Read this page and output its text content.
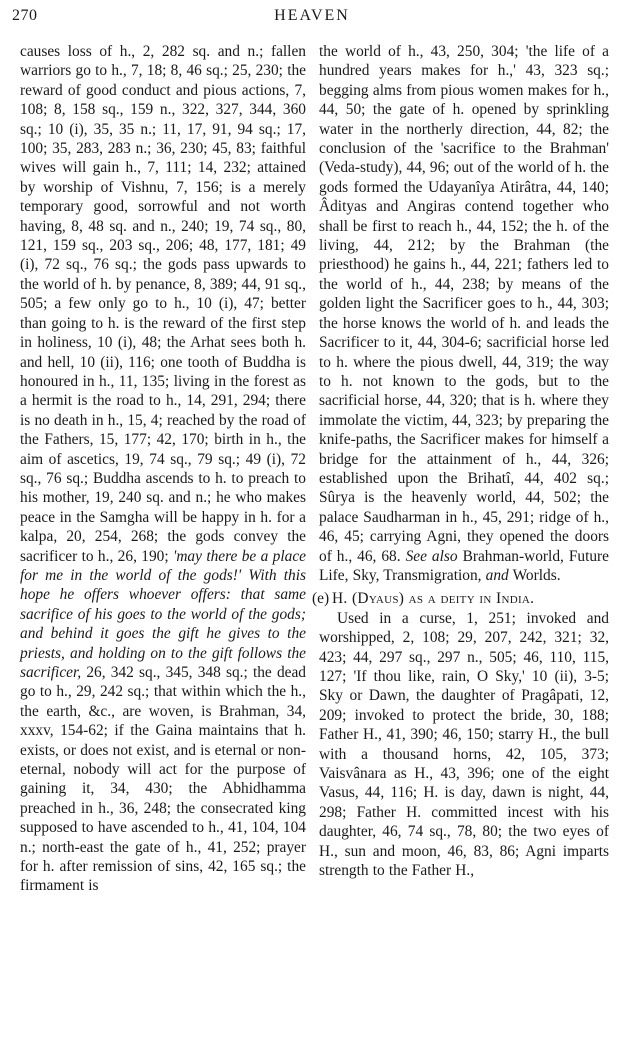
270	HEAVEN

causes loss of h., 2, 282 sq. and n.; fallen warriors go to h., 7, 18; 8, 46 sq.; 25, 230; the reward of good conduct and pious actions, 7, 108; 8, 158 sq., 159 n., 322, 327, 344, 360 sq.; 10 (i), 35, 35 n.; 11, 17, 91, 94 sq.; 17, 100; 35, 283, 283 n.; 36, 230; 45, 83; faithful wives will gain h., 7, 111; 14, 232; attained by worship of Vishnu, 7, 156; is a merely temporary good, sorrowful and not worth having, 8, 48 sq. and n., 240; 19, 74 sq., 80, 121, 159 sq., 203 sq., 206; 48, 177, 181; 49 (i), 72 sq., 76 sq.; the gods pass upwards to the world of h. by penance, 8, 389; 44, 91 sq., 505; a few only go to h., 10 (i), 47; better than going to h. is the reward of the first step in holiness, 10 (i), 48; the Arhat sees both h. and hell, 10 (ii), 116; one tooth of Buddha is honoured in h., 11, 135; living in the forest as a hermit is the road to h., 14, 291, 294; there is no death in h., 15, 4; reached by the road of the Fathers, 15, 177; 42, 170; birth in h., the aim of ascetics, 19, 74 sq., 79 sq.; 49 (i), 72 sq., 76 sq.; Buddha ascends to h. to preach to his mother, 19, 240 sq. and n.; he who makes peace in the Samgha will be happy in h. for a kalpa, 20, 254, 268; the gods convey the sacrificer to h., 26, 190; 'may there be a place for me in the world of the gods!' With this hope he offers whoever offers: that same sacrifice of his goes to the world of the gods; and behind it goes the gift he gives to the priests, and holding on to the gift follows the sacrificer, 26, 342 sq., 345, 348 sq.; the dead go to h., 29, 242 sq.; that within which the h., the earth, &c., are woven, is Brahman, 34, xxxv, 154-62; if the Gaina maintains that h. exists, or does not exist, and is eternal or non-eternal, nobody will act for the purpose of gaining it, 34, 430; the Abhidhamma preached in h., 36, 248; the consecrated king supposed to have ascended to h., 41, 104, 104 n.; north-east the gate of h., 41, 252; prayer for h. after remission of sins, 42, 165 sq.; the firmament is

the world of h., 43, 250, 304; 'the life of a hundred years makes for h.,' 43, 323 sq.; begging alms from pious women makes for h., 44, 50; the gate of h. opened by sprinkling water in the northerly direction, 44, 82; the conclusion of the 'sacrifice to the Brahman' (Veda-study), 44, 96; out of the world of h. the gods formed the Udayanîya Atirâtra, 44, 140; Âdityas and Angiras contend together who shall be first to reach h., 44, 152; the h. of the living, 44, 212; by the Brahman (the priesthood) he gains h., 44, 221; fathers led to the world of h., 44, 238; by means of the golden light the Sacrificer goes to h., 44, 303; the horse knows the world of h. and leads the Sacrificer to it, 44, 304-6; sacrificial horse led to h. where the pious dwell, 44, 319; the way to h. not known to the gods, but to the sacrificial horse, 44, 320; that is h. where they immolate the victim, 44, 323; by preparing the knife-paths, the Sacrificer makes for himself a bridge for the attainment of h., 44, 326; established upon the Brihatî, 44, 402 sq.; Sûrya is the heavenly world, 44, 502; the palace Saudharman in h., 45, 291; ridge of h., 46, 45; carrying Agni, they opened the doors of h., 46, 68. See also Brahman-world, Future Life, Sky, Transmigration, and Worlds.

(e) H. (Dyaus) as a deity in India.

Used in a curse, 1, 251; invoked and worshipped, 2, 108; 29, 207, 242, 321; 32, 423; 44, 297 sq., 297 n., 505; 46, 110, 115, 127; 'If thou like, rain, O Sky,' 10 (ii), 3-5; Sky or Dawn, the daughter of Pragâpati, 12, 209; invoked to protect the bride, 30, 188; Father H., 41, 390; 46, 150; starry H., the bull with a thousand horns, 42, 105, 373; Vaisvânara as H., 43, 396; one of the eight Vasus, 44, 116; H. is day, dawn is night, 44, 298; Father H. committed incest with his daughter, 46, 74 sq., 78, 80; the two eyes of H., sun and moon, 46, 83, 86; Agni imparts strength to the Father H.,
